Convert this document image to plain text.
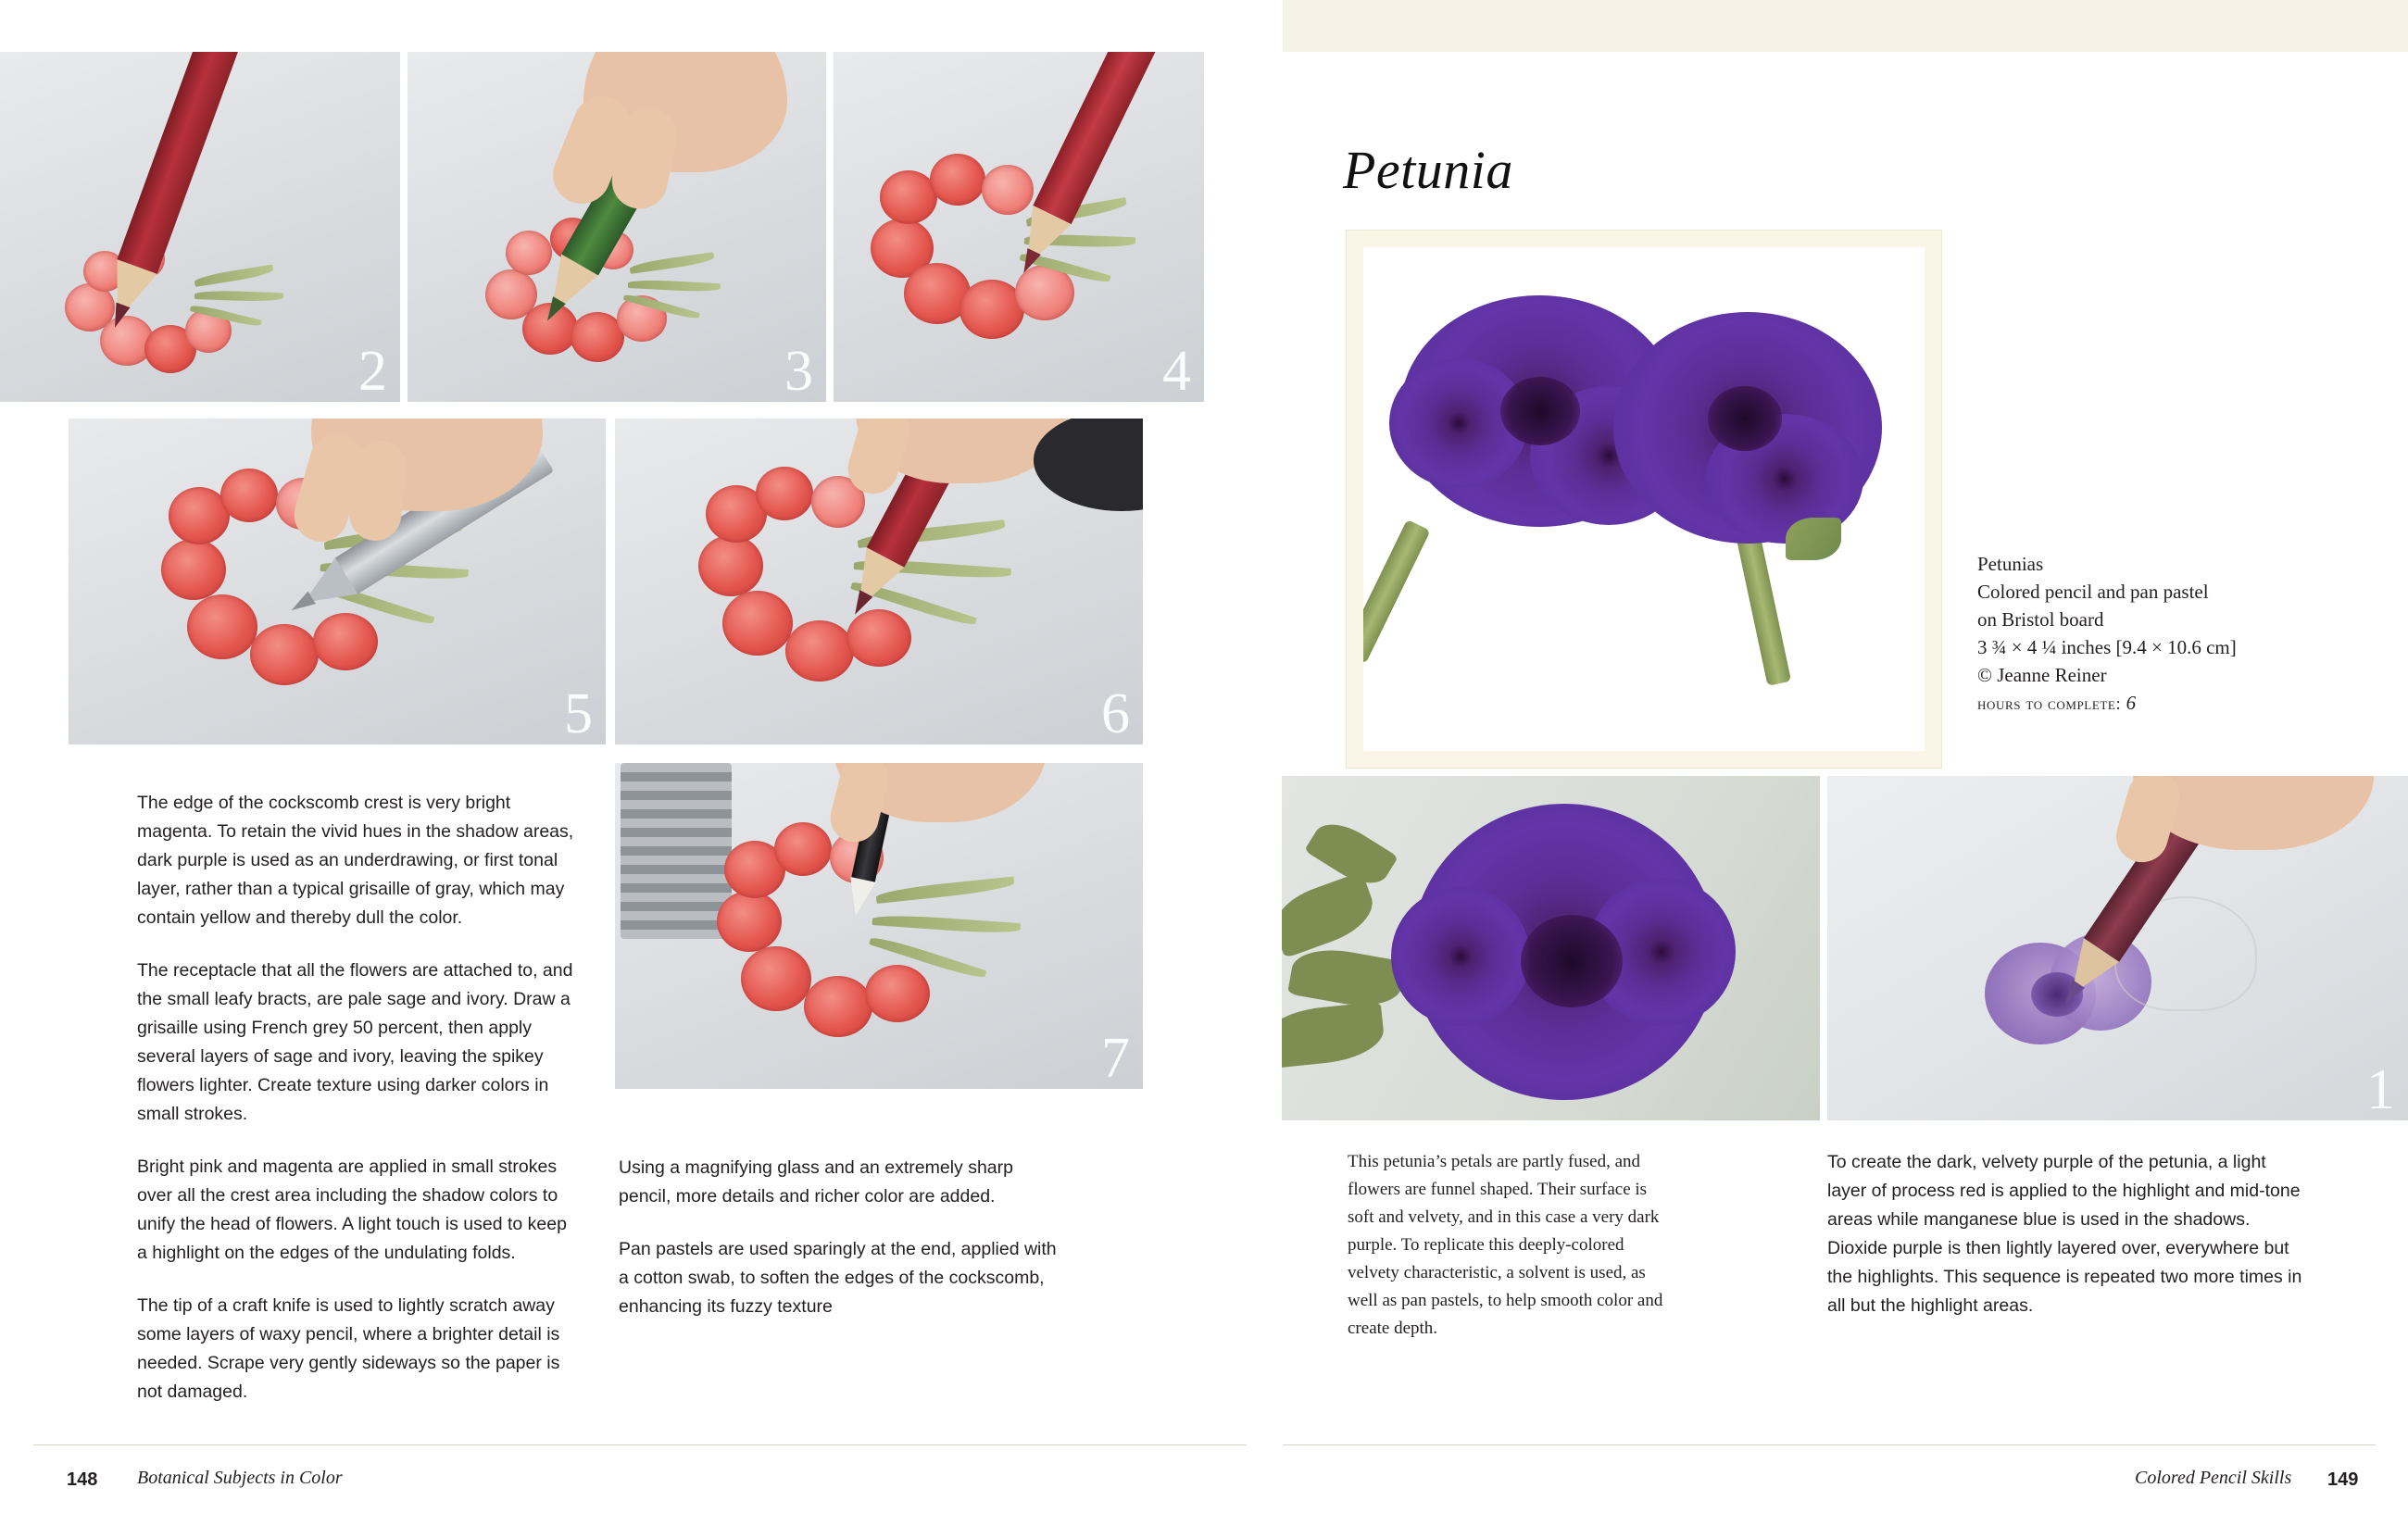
2	3	4
5	6
7

The edge of the cockscomb crest is very bright magenta. To retain the vivid hues in the shadow areas, dark purple is used as an underdrawing, or first tonal layer, rather than a typical grisaille of gray, which may contain yellow and thereby dull the color.

The receptacle that all the flowers are attached to, and the small leafy bracts, are pale sage and ivory. Draw a grisaille using French grey 50 percent, then apply several layers of sage and ivory, leaving the spikey flowers lighter. Create texture using darker colors in small strokes.

Bright pink and magenta are applied in small strokes over all the crest area including the shadow colors to unify the head of flowers. A light touch is used to keep a highlight on the edges of the undulating folds.

The tip of a craft knife is used to lightly scratch away some layers of waxy pencil, where a brighter detail is needed. Scrape very gently sideways so the paper is not damaged.

Using a magnifying glass and an extremely sharp pencil, more details and richer color are added.

Pan pastels are used sparingly at the end, applied with a cotton swab, to soften the edges of the cockscomb, enhancing its fuzzy texture

148 Botanical Subjects in Color
Petunia
Petunias
Colored pencil and pan pastel
on Bristol board
3 ¾ × 4 ¼ inches [9.4 × 10.6 cm]
© Jeanne Reiner
hours to complete: 6
1

This petunia’s petals are partly fused, and flowers are funnel shaped. Their surface is soft and velvety, and in this case a very dark purple. To replicate this deeply-colored velvety characteristic, a solvent is used, as well as pan pastels, to help smooth color and create depth.

To create the dark, velvety purple of the petunia, a light layer of process red is applied to the highlight and mid-tone areas while manganese blue is used in the shadows. Dioxide purple is then lightly layered over, everywhere but the highlights. This sequence is repeated two more times in all but the highlight areas.

Colored Pencil Skills 149
